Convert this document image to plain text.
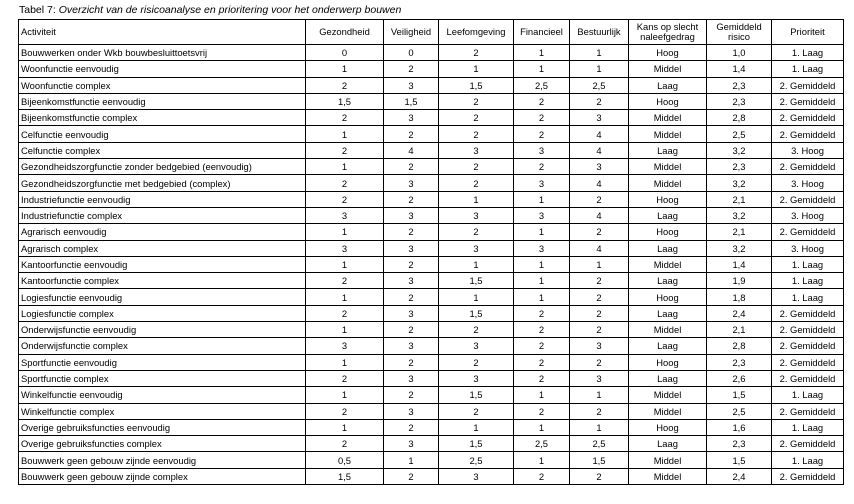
Tabel 7: Overzicht van de risicoanalyse en prioritering voor het onderwerp bouwen
Activiteit	Gezondheid	Veiligheid	Leefomgeving	Financieel	Bestuurlijk	Kans op slecht naleefgedrag	Gemiddeld risico	Prioriteit
Bouwwerken onder Wkb bouwbesluittoetsvrij	0	0	2	1	1	Hoog	1,0	1. Laag
Woonfunctie eenvoudig	1	2	1	1	1	Middel	1,4	1. Laag
Woonfunctie complex	2	3	1,5	2,5	2,5	Laag	2,3	2. Gemiddeld
Bijeenkomstfunctie eenvoudig	1,5	1,5	2	2	2	Hoog	2,3	2. Gemiddeld
Bijeenkomstfunctie complex	2	3	2	2	3	Middel	2,8	2. Gemiddeld
Celfunctie eenvoudig	1	2	2	2	4	Middel	2,5	2. Gemiddeld
Celfunctie complex	2	4	3	3	4	Laag	3,2	3. Hoog
Gezondheidszorgfunctie zonder bedgebied (eenvoudig)	1	2	2	2	3	Middel	2,3	2. Gemiddeld
Gezondheidszorgfunctie met bedgebied (complex)	2	3	2	3	4	Middel	3,2	3. Hoog
Industriefunctie eenvoudig	2	2	1	1	2	Hoog	2,1	2. Gemiddeld
Industriefunctie complex	3	3	3	3	4	Laag	3,2	3. Hoog
Agrarisch eenvoudig	1	2	2	1	2	Hoog	2,1	2. Gemiddeld
Agrarisch complex	3	3	3	3	4	Laag	3,2	3. Hoog
Kantoorfunctie eenvoudig	1	2	1	1	1	Middel	1,4	1. Laag
Kantoorfunctie complex	2	3	1,5	1	2	Laag	1,9	1. Laag
Logiesfunctie eenvoudig	1	2	1	1	2	Hoog	1,8	1. Laag
Logiesfunctie complex	2	3	1,5	2	2	Laag	2,4	2. Gemiddeld
Onderwijsfunctie eenvoudig	1	2	2	2	2	Middel	2,1	2. Gemiddeld
Onderwijsfunctie complex	3	3	3	2	3	Laag	2,8	2. Gemiddeld
Sportfunctie eenvoudig	1	2	2	2	2	Hoog	2,3	2. Gemiddeld
Sportfunctie complex	2	3	3	2	3	Laag	2,6	2. Gemiddeld
Winkelfunctie eenvoudig	1	2	1,5	1	1	Middel	1,5	1. Laag
Winkelfunctie complex	2	3	2	2	2	Middel	2,5	2. Gemiddeld
Overige gebruiksfuncties eenvoudig	1	2	1	1	1	Hoog	1,6	1. Laag
Overige gebruiksfuncties complex	2	3	1,5	2,5	2,5	Laag	2,3	2. Gemiddeld
Bouwwerk geen gebouw zijnde eenvoudig	0,5	1	2,5	1	1,5	Middel	1,5	1. Laag
Bouwwerk geen gebouw zijnde complex	1,5	2	3	2	2	Middel	2,4	2. Gemiddeld
